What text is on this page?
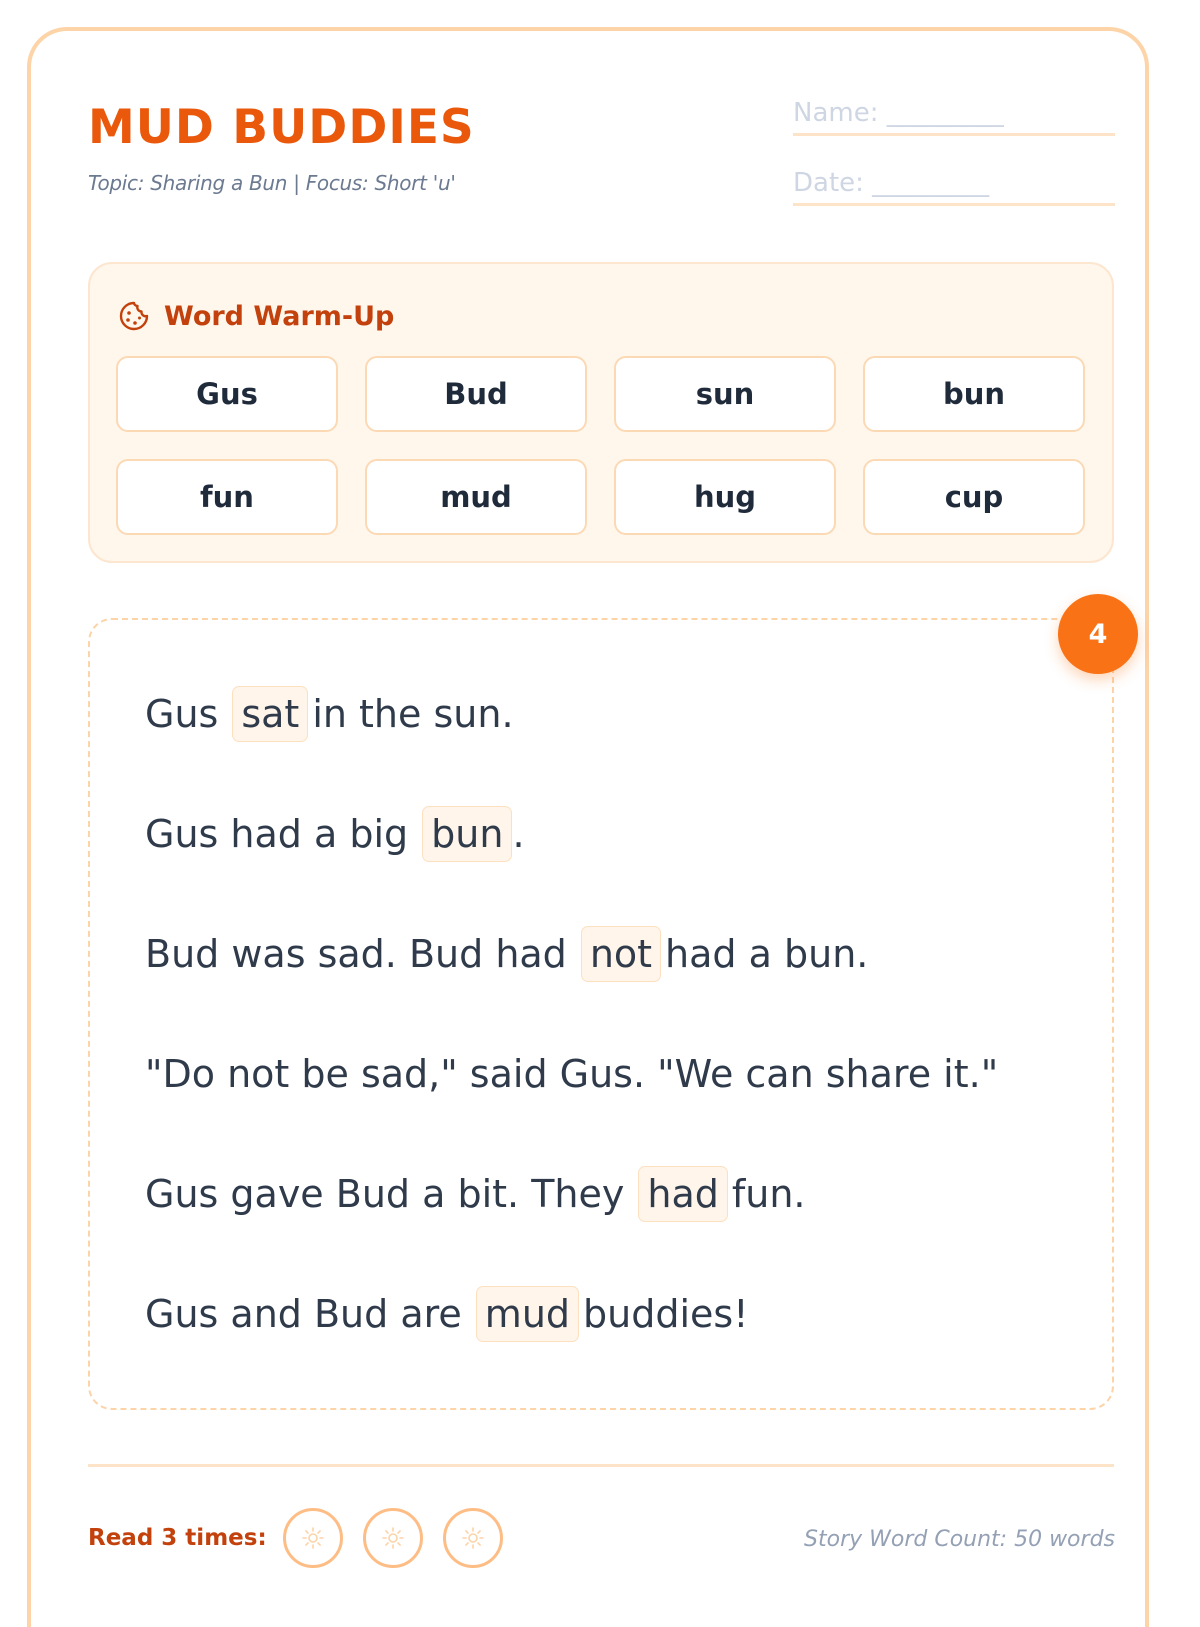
MUD BUDDIES
Topic: Sharing a Bun | Focus: Short 'u'
Name: _________
Date: _________
Word Warm-Up
Gus	Bud	sun	bun
fun	mud	hug	cup
4
Gus sat in the sun.
Gus had a big bun .
Bud was sad. Bud had not had a bun.
"Do not be sad," said Gus. "We can share it."
Gus gave Bud a bit. They had fun.
Gus and Bud are mud buddies!
Read 3 times:	Story Word Count: 50 words
